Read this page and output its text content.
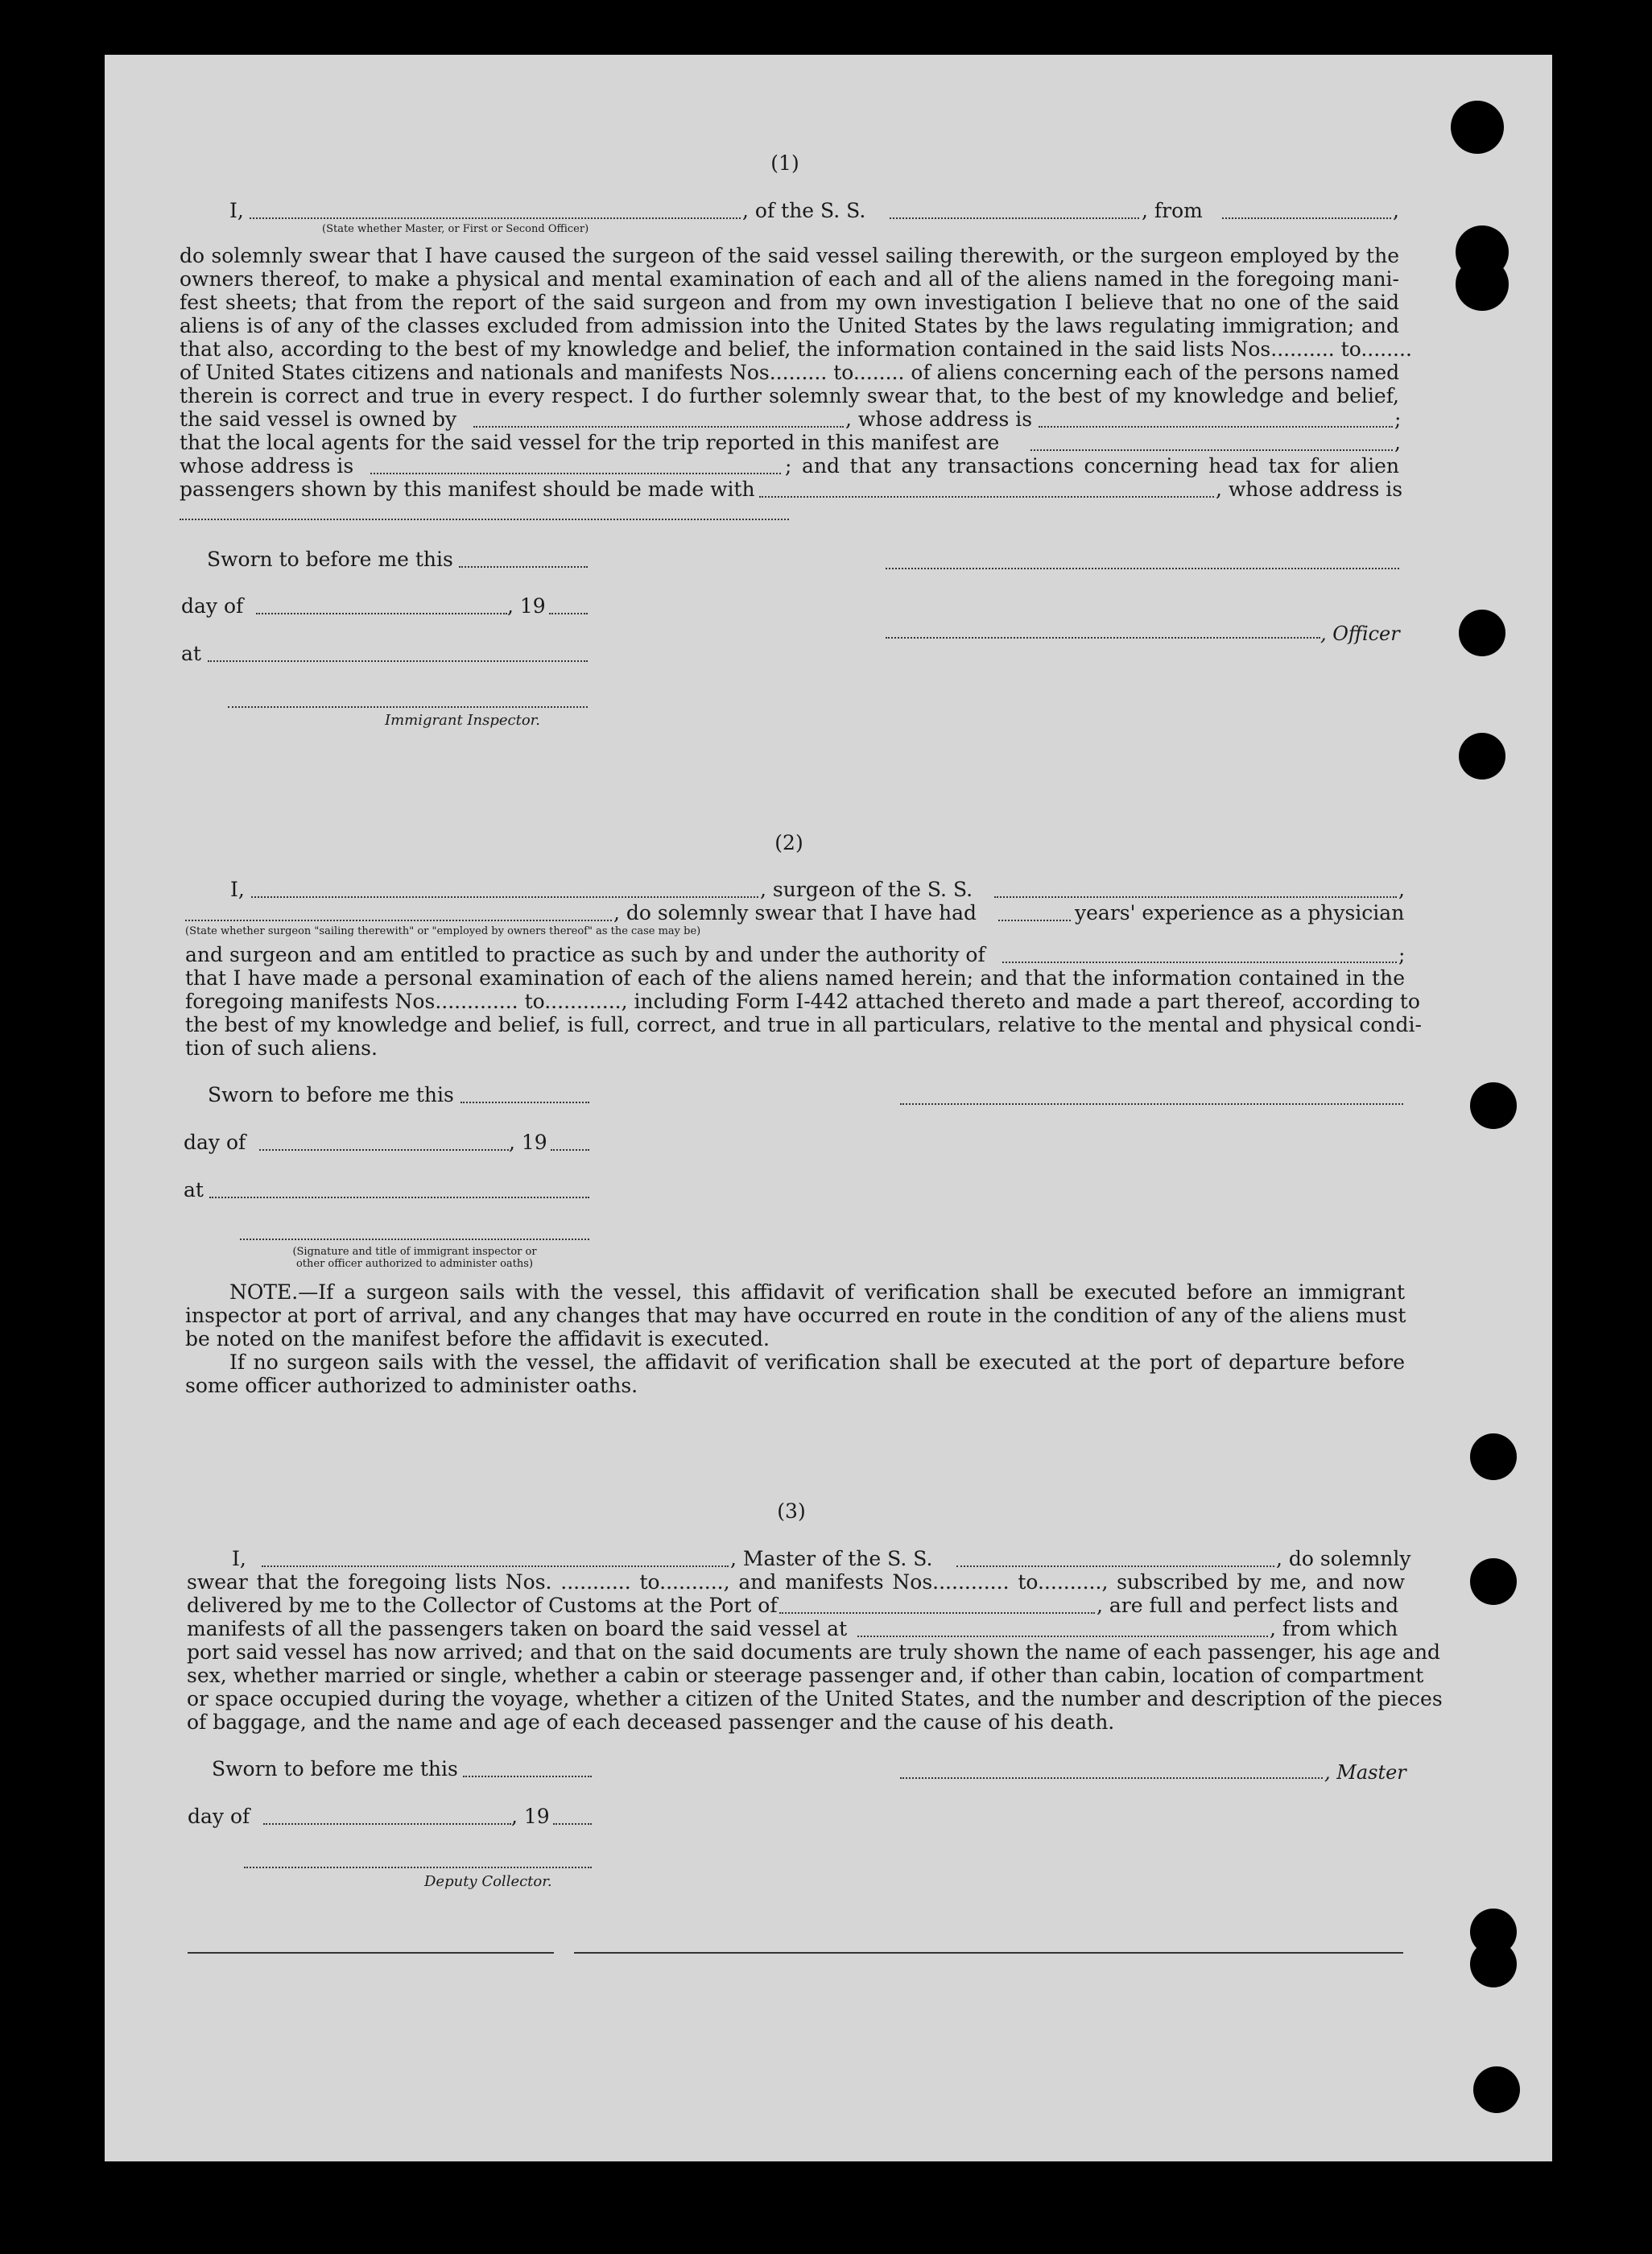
(1)
I,	, of the S. S.	, from	,
(State whether Master, or First or Second Officer)
do solemnly swear that I have caused the surgeon of the said vessel sailing therewith, or the surgeon employed by the
owners thereof, to make a physical and mental examination of each and all of the aliens named in the foregoing mani-
fest sheets; that from the report of the said surgeon and from my own investigation I believe that no one of the said
aliens is of any of the classes excluded from admission into the United States by the laws regulating immigration; and
that also, according to the best of my knowledge and belief, the information contained in the said lists Nos.......... to........
of United States citizens and nationals and manifests Nos......... to........ of aliens concerning each of the persons named
therein is correct and true in every respect. I do further solemnly swear that, to the best of my knowledge and belief,
the said vessel is owned by	, whose address is	;
that the local agents for the said vessel for the trip reported in this manifest are	,
whose address is	; and that any transactions concerning head tax for alien
passengers shown by this manifest should be made with	, whose address is
Sworn to before me this
day of	, 19
, Officer
at
Immigrant Inspector.
(2)
I,	, surgeon of the S. S.	,
, do solemnly swear that I have had	years' experience as a physician
(State whether surgeon "sailing therewith" or "employed by owners thereof" as the case may be)
and surgeon and am entitled to practice as such by and under the authority of	;
that I have made a personal examination of each of the aliens named herein; and that the information contained in the
foregoing manifests Nos............. to............, including Form I-442 attached thereto and made a part thereof, according to
the best of my knowledge and belief, is full, correct, and true in all particulars, relative to the mental and physical condi-
tion of such aliens.
Sworn to before me this
day of	, 19
at
(Signature and title of immigrant inspector or
other officer authorized to administer oaths)
NOTE.—If a surgeon sails with the vessel, this affidavit of verification shall be executed before an immigrant
inspector at port of arrival, and any changes that may have occurred en route in the condition of any of the aliens must
be noted on the manifest before the affidavit is executed.
If no surgeon sails with the vessel, the affidavit of verification shall be executed at the port of departure before
some officer authorized to administer oaths.
(3)
I,	, Master of the S. S.	, do solemnly
swear that the foregoing lists Nos. ........... to.........., and manifests Nos............ to.........., subscribed by me, and now
delivered by me to the Collector of Customs at the Port of	, are full and perfect lists and
manifests of all the passengers taken on board the said vessel at	, from which
port said vessel has now arrived; and that on the said documents are truly shown the name of each passenger, his age and
sex, whether married or single, whether a cabin or steerage passenger and, if other than cabin, location of compartment
or space occupied during the voyage, whether a citizen of the United States, and the number and description of the pieces
of baggage, and the name and age of each deceased passenger and the cause of his death.
Sworn to before me this	, Master
day of	, 19
Deputy Collector.
